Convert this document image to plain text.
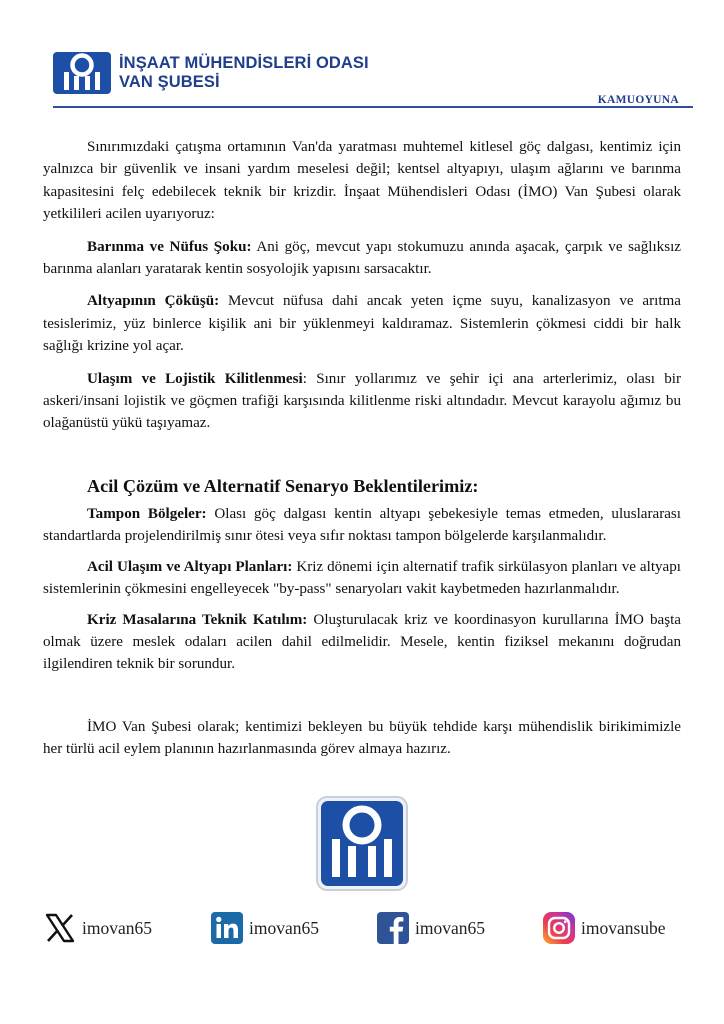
İNŞAAT MÜHENDİSLERİ ODASI
VAN ŞUBESİ
KAMUOYUNA

Sınırımızdaki çatışma ortamının Van'da yaratması muhtemel kitlesel göç dalgası, kentimiz için yalnızca bir güvenlik ve insani yardım meselesi değil; kentsel altyapıyı, ulaşım ağlarını ve barınma kapasitesini felç edebilecek teknik bir krizdir. İnşaat Mühendisleri Odası (İMO) Van Şubesi olarak yetkilileri acilen uyarıyoruz:

Barınma ve Nüfus Şoku: Ani göç, mevcut yapı stokumuzu anında aşacak, çarpık ve sağlıksız barınma alanları yaratarak kentin sosyolojik yapısını sarsacaktır.

Altyapının Çöküşü: Mevcut nüfusa dahi ancak yeten içme suyu, kanalizasyon ve arıtma tesislerimiz, yüz binlerce kişilik ani bir yüklenmeyi kaldıramaz. Sistemlerin çökmesi ciddi bir halk sağlığı krizine yol açar.

Ulaşım ve Lojistik Kilitlenmesi: Sınır yollarımız ve şehir içi ana arterlerimiz, olası bir askeri/insani lojistik ve göçmen trafiği karşısında kilitlenme riski altındadır. Mevcut karayolu ağımız bu olağanüstü yükü taşıyamaz.

Acil Çözüm ve Alternatif Senaryo Beklentilerimiz:

Tampon Bölgeler: Olası göç dalgası kentin altyapı şebekesiyle temas etmeden, uluslararası standartlarda projelendirilmiş sınır ötesi veya sıfır noktası tampon bölgelerde karşılanmalıdır.

Acil Ulaşım ve Altyapı Planları: Kriz dönemi için alternatif trafik sirkülasyon planları ve altyapı sistemlerinin çökmesini engelleyecek "by-pass" senaryoları vakit kaybetmeden hazırlanmalıdır.

Kriz Masalarına Teknik Katılım: Oluşturulacak kriz ve koordinasyon kurullarına İMO başta olmak üzere meslek odaları acilen dahil edilmelidir. Mesele, kentin fiziksel mekanını doğrudan ilgilendiren teknik bir sorundur.

İMO Van Şubesi olarak; kentimizi bekleyen bu büyük tehdide karşı mühendislik birikimimizle her türlü acil eylem planının hazırlanmasında görev almaya hazırız.

imovan65	imovan65	imovan65	imovansube
